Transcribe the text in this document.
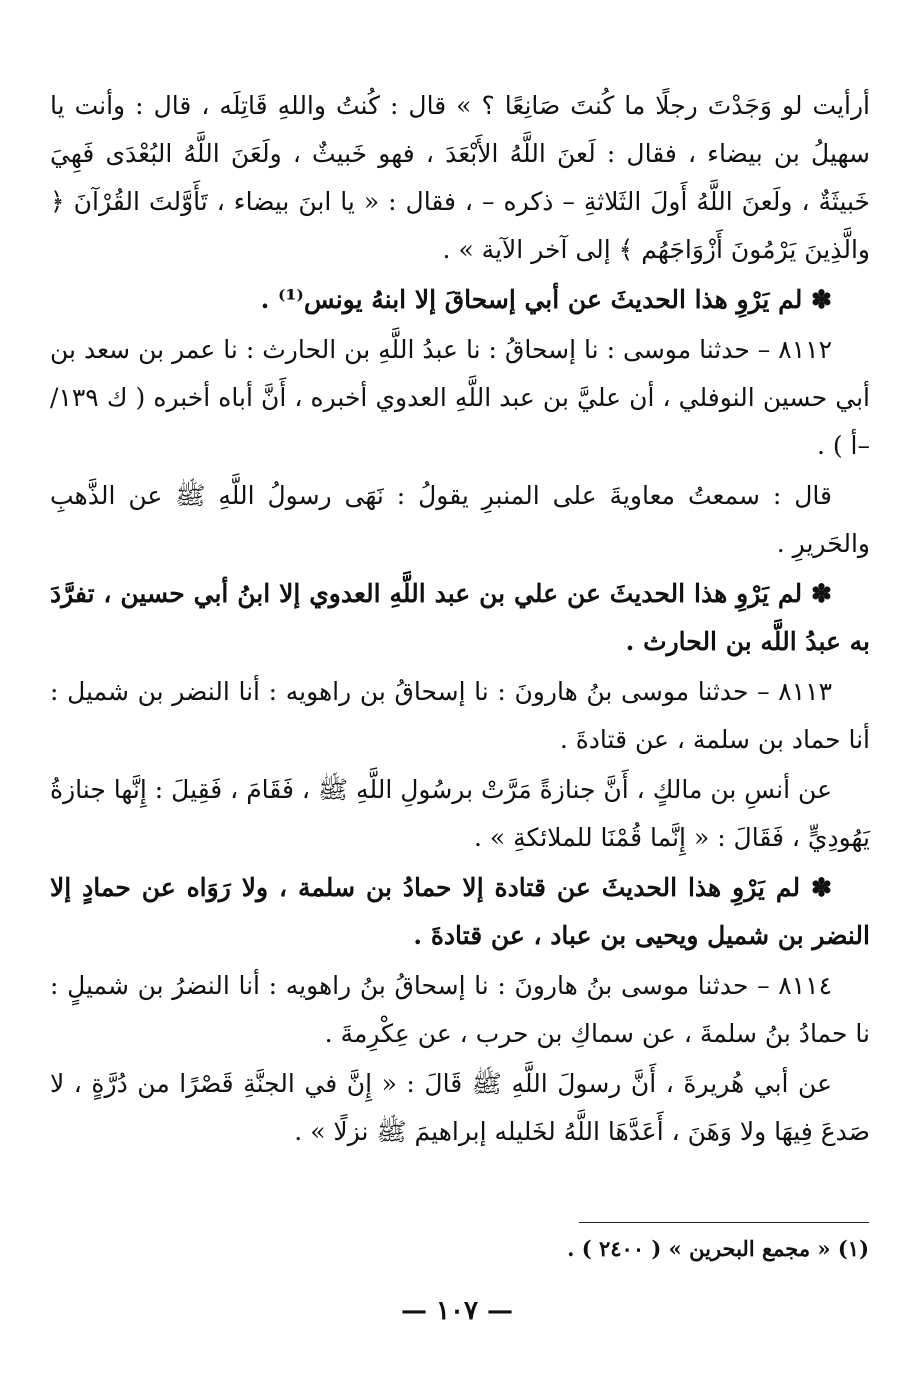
أرأيت لو وَجَدْتَ رجلًا ما كُنتَ صَانِعًا ؟ » قال : كُنتُ واللهِ قَاتِلَه ، قال : وأنت يا سهيلُ بن بيضاء ، فقال : لَعنَ اللَّهُ الأَبْعَدَ ، فهو خَبيثٌ ، ولَعَنَ اللَّهُ البُعْدَى فَهِيَ خَبيثَةٌ ، ولَعنَ اللَّهُ أَولَ الثَلاثةِ – ذكره – ، فقال : « يا ابنَ بيضاء ، تَأَوَّلتَ القُرْآنَ ﴿ والَّذِينَ يَرْمُونَ أَزْوَاجَهُم ﴾ إلى آخر الآية » .

✽ لم يَرْوِ هذا الحديثَ عن أبي إسحاقَ إلا ابنهُ يونس⁽¹⁾ .

٨١١٢ – حدثنا موسى : نا إسحاقُ : نا عبدُ اللَّهِ بن الحارث : نا عمر بن سعد بن أبي حسين النوفلي ، أن عليَّ بن عبد اللَّهِ العدوي أخبره ، أَنَّ أباه أخبره ( ك ١٣٩/ –أ ) .

قال : سمعتُ معاويةَ على المنبرِ يقولُ : نَهَى رسولُ اللَّهِ ﷺ عن الذَّهبِ والحَريرِ .

✽ لم يَرْوِ هذا الحديثَ عن علي بن عبد اللَّهِ العدوي إلا ابنُ أبي حسين ، تفرَّدَ به عبدُ اللَّه بن الحارث .

٨١١٣ – حدثنا موسى بنُ هارونَ : نا إسحاقُ بن راهويه : أنا النضر بن شميل : أنا حماد بن سلمة ، عن قتادةَ .

عن أنسِ بن مالكٍ ، أَنَّ جنازةً مَرَّتْ برسُولِ اللَّهِ ﷺ ، فَقَامَ ، فَقِيلَ : إِنَّها جنازةُ يَهُودِيٍّ ، فَقَالَ : « إِنَّما قُمْنَا للملائكةِ » .

✽ لم يَرْوِ هذا الحديثَ عن قتادة إلا حمادُ بن سلمة ، ولا رَوَاه عن حمادٍ إلا النضر بن شميل ويحيى بن عباد ، عن قتادةَ .

٨١١٤ – حدثنا موسى بنُ هارونَ : نا إسحاقُ بنُ راهويه : أنا النضرُ بن شميلٍ : نا حمادُ بنُ سلمةَ ، عن سماكِ بن حرب ، عن عِكْرِمةَ .

عن أبي هُريرةَ ، أَنَّ رسولَ اللَّهِ ﷺ قَالَ : « إِنَّ في الجنَّةِ قَصْرًا من دُرَّةٍ ، لا صَدعَ فِيهَا ولا وَهَنَ ، أَعَدَّهَا اللَّهُ لخَليله إبراهيمَ ﷺ نزلًا » .

(١) « مجمع البحرين » ( ٢٤٠٠ ) .
— ١٠٧ —
